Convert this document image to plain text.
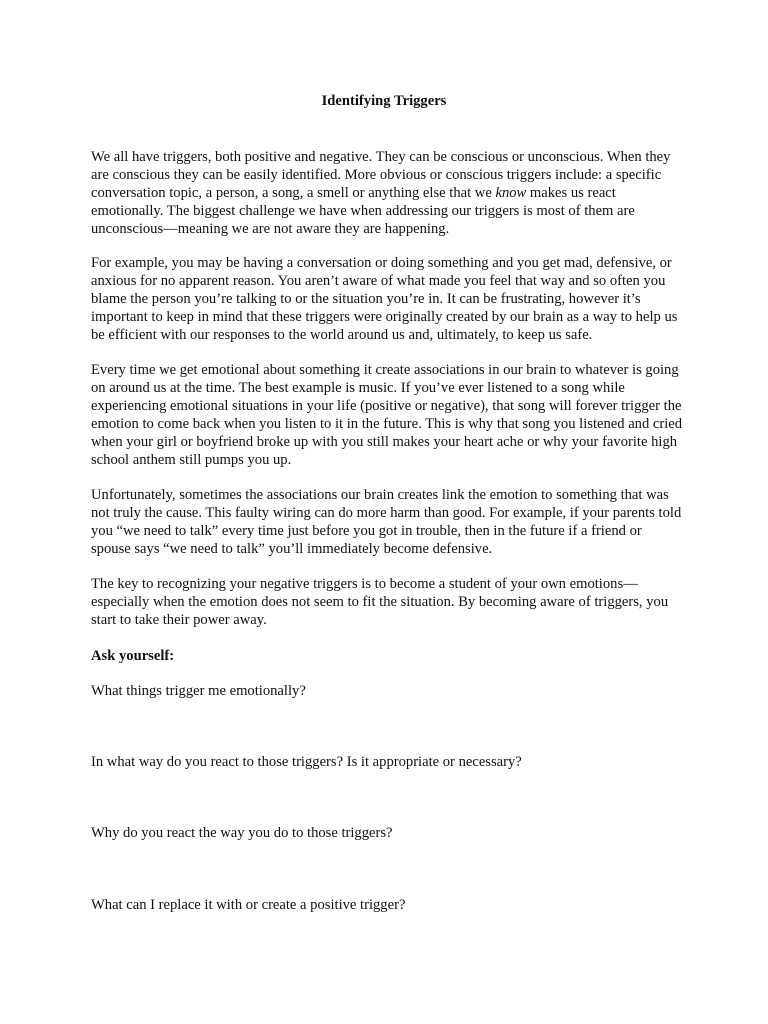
Identifying Triggers

We all have triggers, both positive and negative. They can be conscious or unconscious. When they are conscious they can be easily identified. More obvious or conscious triggers include: a specific conversation topic, a person, a song, a smell or anything else that we know makes us react emotionally. The biggest challenge we have when addressing our triggers is most of them are unconscious—meaning we are not aware they are happening.

For example, you may be having a conversation or doing something and you get mad, defensive, or anxious for no apparent reason. You aren’t aware of what made you feel that way and so often you blame the person you’re talking to or the situation you’re in. It can be frustrating, however it’s important to keep in mind that these triggers were originally created by our brain as a way to help us be efficient with our responses to the world around us and, ultimately, to keep us safe.

Every time we get emotional about something it create associations in our brain to whatever is going on around us at the time. The best example is music. If you’ve ever listened to a song while experiencing emotional situations in your life (positive or negative), that song will forever trigger the emotion to come back when you listen to it in the future. This is why that song you listened and cried when your girl or boyfriend broke up with you still makes your heart ache or why your favorite high school anthem still pumps you up.

Unfortunately, sometimes the associations our brain creates link the emotion to something that was not truly the cause. This faulty wiring can do more harm than good. For example, if your parents told you “we need to talk” every time just before you got in trouble, then in the future if a friend or spouse says “we need to talk” you’ll immediately become defensive.

The key to recognizing your negative triggers is to become a student of your own emotions—especially when the emotion does not seem to fit the situation. By becoming aware of triggers, you start to take their power away.

Ask yourself:

What things trigger me emotionally?

In what way do you react to those triggers? Is it appropriate or necessary?

Why do you react the way you do to those triggers?

What can I replace it with or create a positive trigger?
